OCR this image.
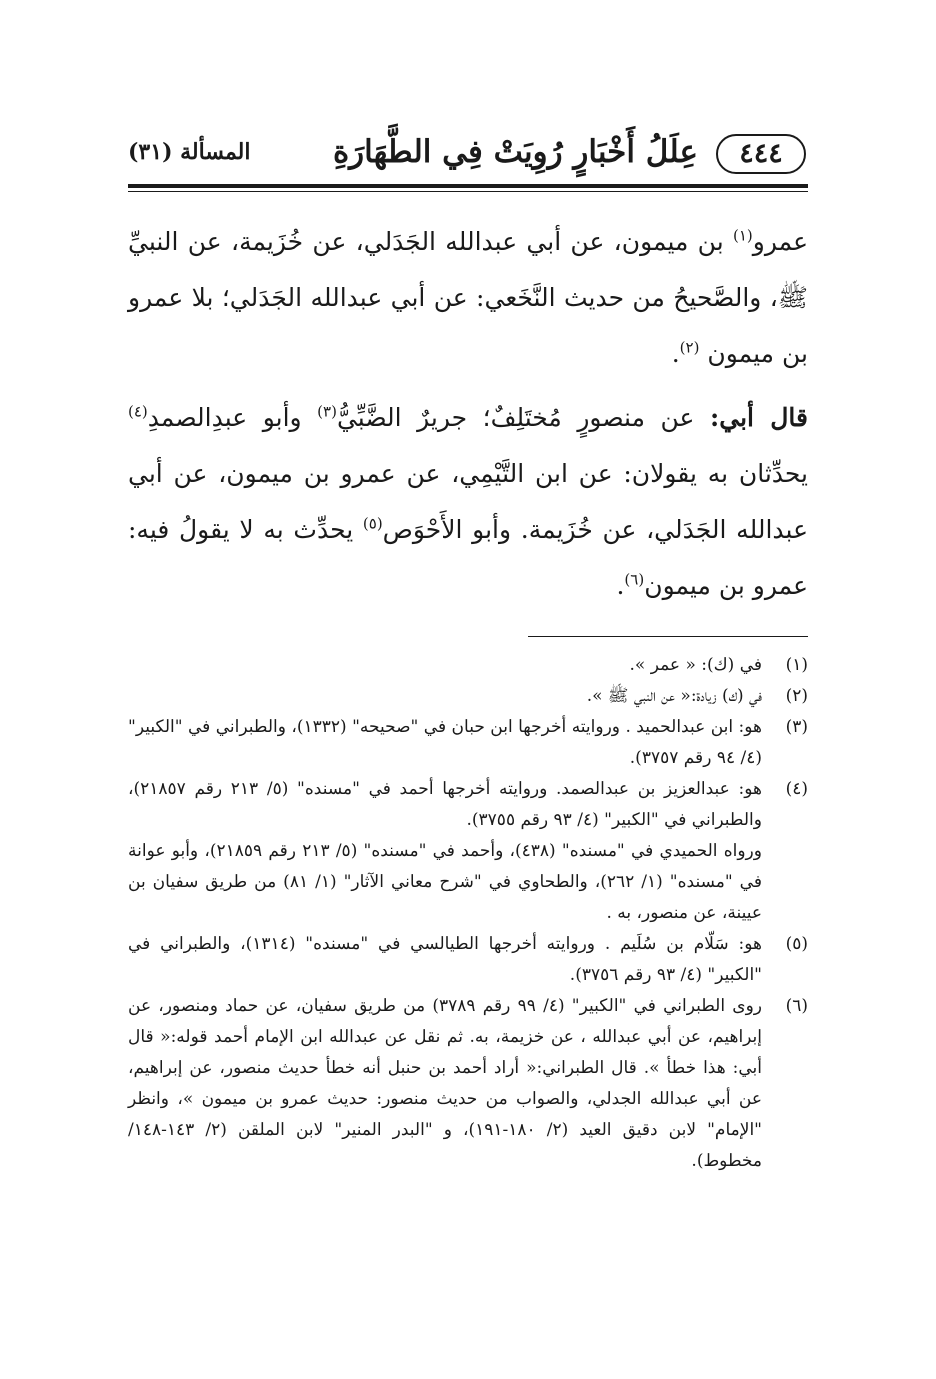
٤٤٤
عِلَلُ أَخْبَارٍ رُوِيَتْ فِي الطَّهَارَةِ
المسألة (٣١)

عمرو$^{(١)}$ بن ميمون، عن أبي عبدالله الجَدَلي، عن خُزَيمة، عن النبيِّ ﷺ، والصَّحيحُ من حديث النَّخَعي: عن أبي عبدالله الجَدَلي؛ بلا عمرو بن ميمون $^{(٢)}$.

قال أبي: عن منصورٍ مُختَلِفٌ؛ جريرٌ الضَّبِّيُّ$^{(٣)}$ وأبو عبدِالصمدِ$^{(٤)}$ يحدِّثان به يقولان: عن ابن التَّيْمِي، عن عمرو بن ميمون، عن أبي عبدالله الجَدَلي، عن خُزَيمة. وأبو الأَحْوَص$^{(٥)}$ يحدِّث به لا يقولُ فيه: عمرو بن ميمون$^{(٦)}$.

(١)

في (ك): « عمر ».

(٢)

في (ك) زيادة:« عن النبي ﷺ ».

(٣)

هو: ابن عبدالحميد . وروايته أخرجها ابن حبان في "صحيحه" (١٣٣٢)، والطبراني في "الكبير" (٤/ ٩٤ رقم ٣٧٥٧).

(٤)

هو: عبدالعزيز بن عبدالصمد. وروايته أخرجها أحمد في "مسنده" (٥/ ٢١٣ رقم ٢١٨٥٧)، والطبراني في "الكبير" (٤/ ٩٣ رقم ٣٧٥٥).

ورواه الحميدي في "مسنده" (٤٣٨)، وأحمد في "مسنده" (٥/ ٢١٣ رقم ٢١٨٥٩)، وأبو عوانة في "مسنده" (١/ ٢٦٢)، والطحاوي في "شرح معاني الآثار" (١/ ٨١) من طريق سفيان بن عيينة، عن منصور، به .

(٥)

هو: سَلّام بن سُلَيم . وروايته أخرجها الطيالسي في "مسنده" (١٣١٤)، والطبراني في "الكبير" (٤/ ٩٣ رقم ٣٧٥٦).

(٦)

روى الطبراني في "الكبير" (٤/ ٩٩ رقم ٣٧٨٩) من طريق سفيان، عن حماد ومنصور، عن إبراهيم، عن أبي عبدالله ، عن خزيمة، به. ثم نقل عن عبدالله ابن الإمام أحمد قوله:« قال أبي: هذا خطأ ». قال الطبراني:« أراد أحمد بن حنبل أنه خطأ حديث منصور، عن إبراهيم، عن أبي عبدالله الجدلي، والصواب من حديث منصور: حديث عمرو بن ميمون »، وانظر "الإمام" لابن دقيق العيد (٢/ ١٨٠-١٩١)، و "البدر المنير" لابن الملقن (٢/ ١٤٣-١٤٨/ مخطوط).
